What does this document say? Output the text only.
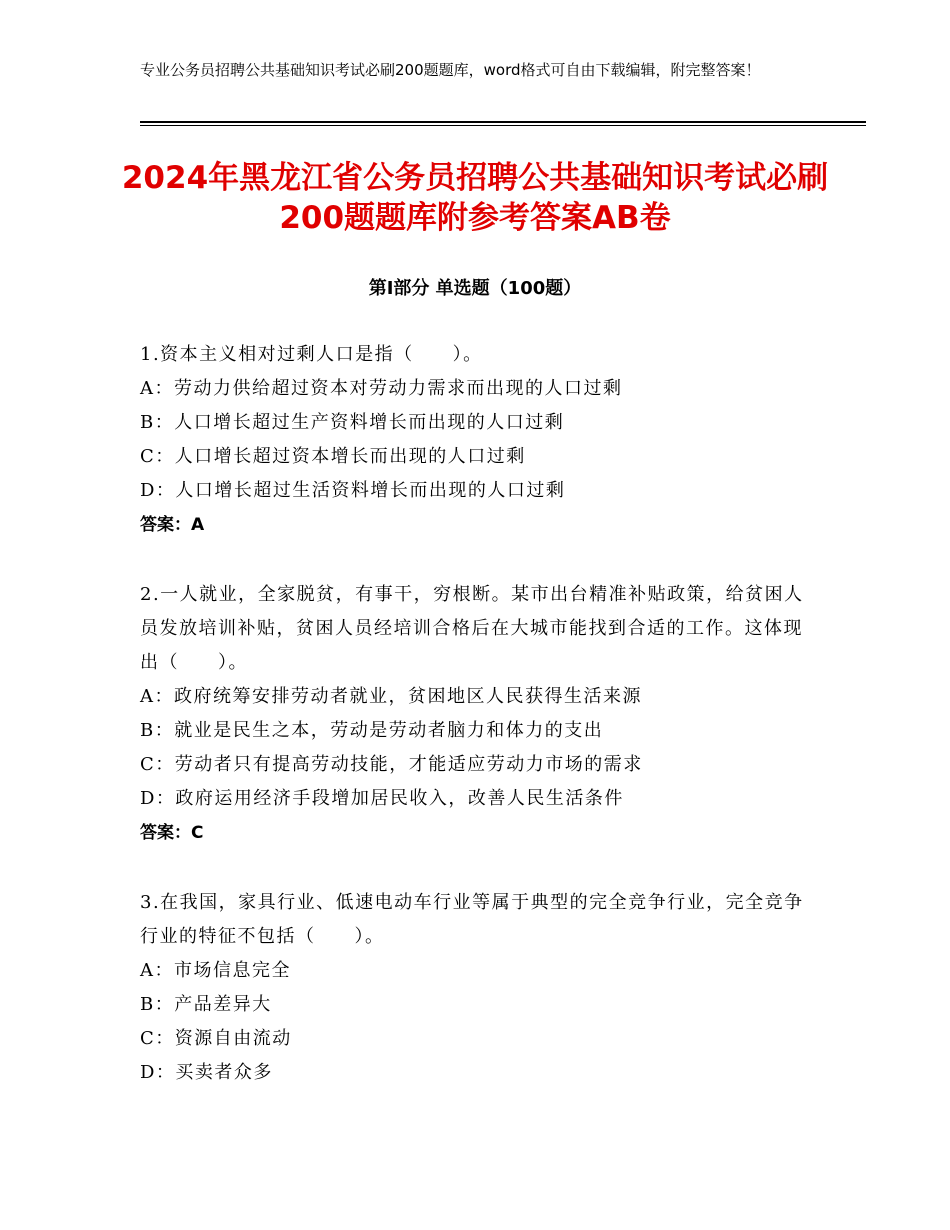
专业公务员招聘公共基础知识考试必刷200题题库，word格式可自由下载编辑，附完整答案！
2024年黑龙江省公务员招聘公共基础知识考试必刷200题题库附参考答案AB卷
第Ⅰ部分 单选题（100题）
1.资本主义相对过剩人口是指（　　）。
A：劳动力供给超过资本对劳动力需求而出现的人口过剩
B：人口增长超过生产资料增长而出现的人口过剩
C：人口增长超过资本增长而出现的人口过剩
D：人口增长超过生活资料增长而出现的人口过剩
答案：A
2.一人就业，全家脱贫，有事干，穷根断。某市出台精准补贴政策，给贫困人员发放培训补贴，贫困人员经培训合格后在大城市能找到合适的工作。这体现出（　　）。
A：政府统筹安排劳动者就业，贫困地区人民获得生活来源
B：就业是民生之本，劳动是劳动者脑力和体力的支出
C：劳动者只有提高劳动技能，才能适应劳动力市场的需求
D：政府运用经济手段增加居民收入，改善人民生活条件
答案：C
3.在我国，家具行业、低速电动车行业等属于典型的完全竞争行业，完全竞争行业的特征不包括（　　）。
A：市场信息完全
B：产品差异大
C：资源自由流动
D：买卖者众多
